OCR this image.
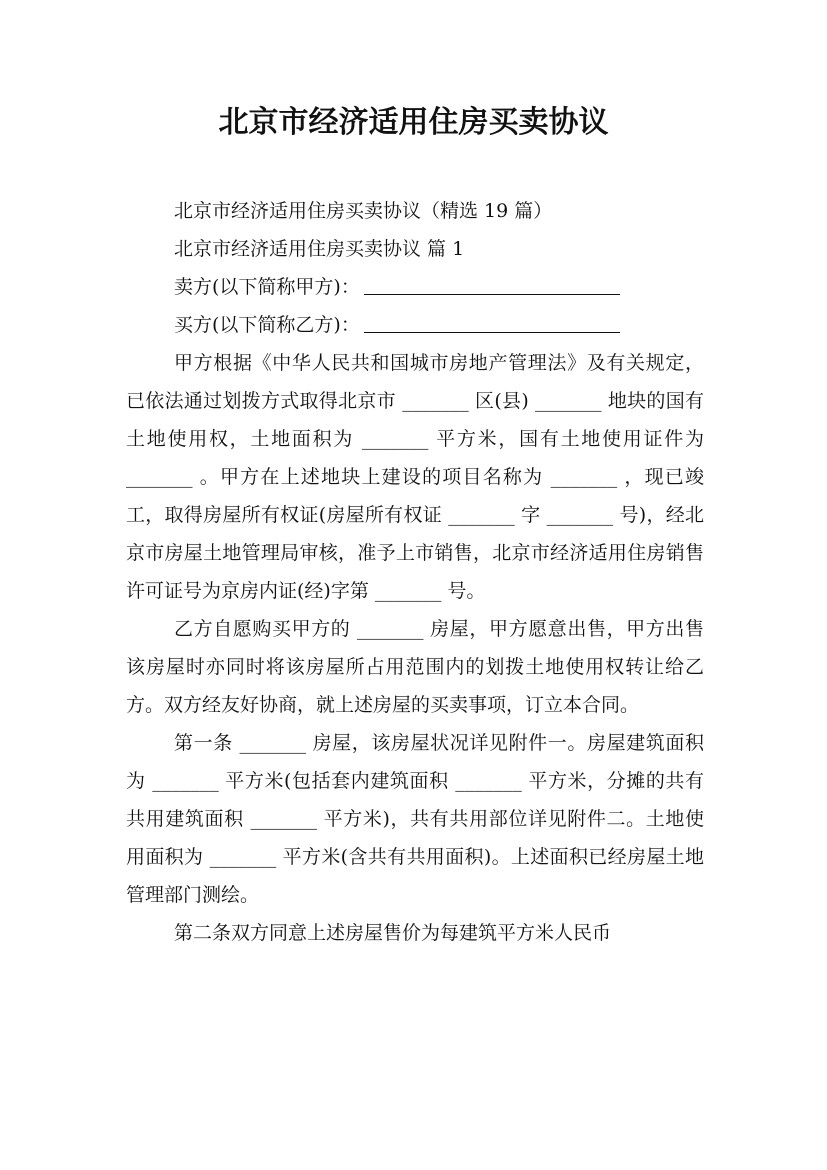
北京市经济适用住房买卖协议
北京市经济适用住房买卖协议（精选 19 篇）
北京市经济适用住房买卖协议 篇 1
卖方(以下简称甲方)：
买方(以下简称乙方)：

甲方根据《中华人民共和国城市房地产管理法》及有关规定，已依法通过划拨方式取得北京市 _______ 区(县) _______ 地块的国有土地使用权，土地面积为 _______ 平方米，国有土地使用证件为 _______ 。甲方在上述地块上建设的项目名称为 _______ ，现已竣工，取得房屋所有权证(房屋所有权证 _______ 字 _______ 号)，经北京市房屋土地管理局审核，准予上市销售，北京市经济适用住房销售许可证号为京房内证(经)字第 _______ 号。

乙方自愿购买甲方的 _______ 房屋，甲方愿意出售，甲方出售该房屋时亦同时将该房屋所占用范围内的划拨土地使用权转让给乙方。双方经友好协商，就上述房屋的买卖事项，订立本合同。

第一条 _______ 房屋，该房屋状况详见附件一。房屋建筑面积为 _______ 平方米(包括套内建筑面积 _______ 平方米，分摊的共有共用建筑面积 _______ 平方米)，共有共用部位详见附件二。土地使用面积为 _______ 平方米(含共有共用面积)。上述面积已经房屋土地管理部门测绘。

第二条双方同意上述房屋售价为每建筑平方米人民币
